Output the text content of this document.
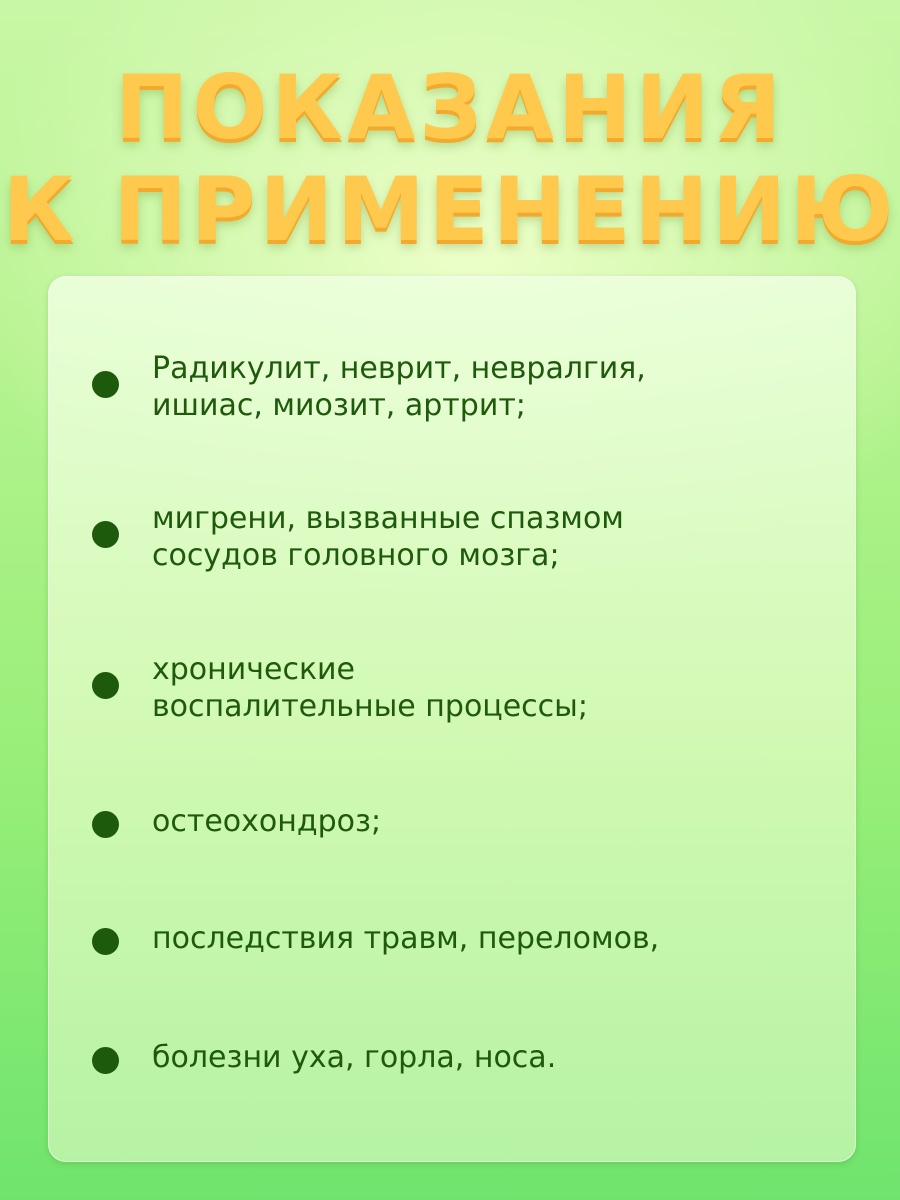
ПОКАЗАНИЯ
К ПРИМЕНЕНИЮ
Радикулит, неврит, невралгия,
ишиас, миозит, артрит;
мигрени, вызванные спазмом
сосудов головного мозга;
хронические
воспалительные процессы;
остеохондроз;
последствия травм, переломов,
болезни уха, горла, носа.
